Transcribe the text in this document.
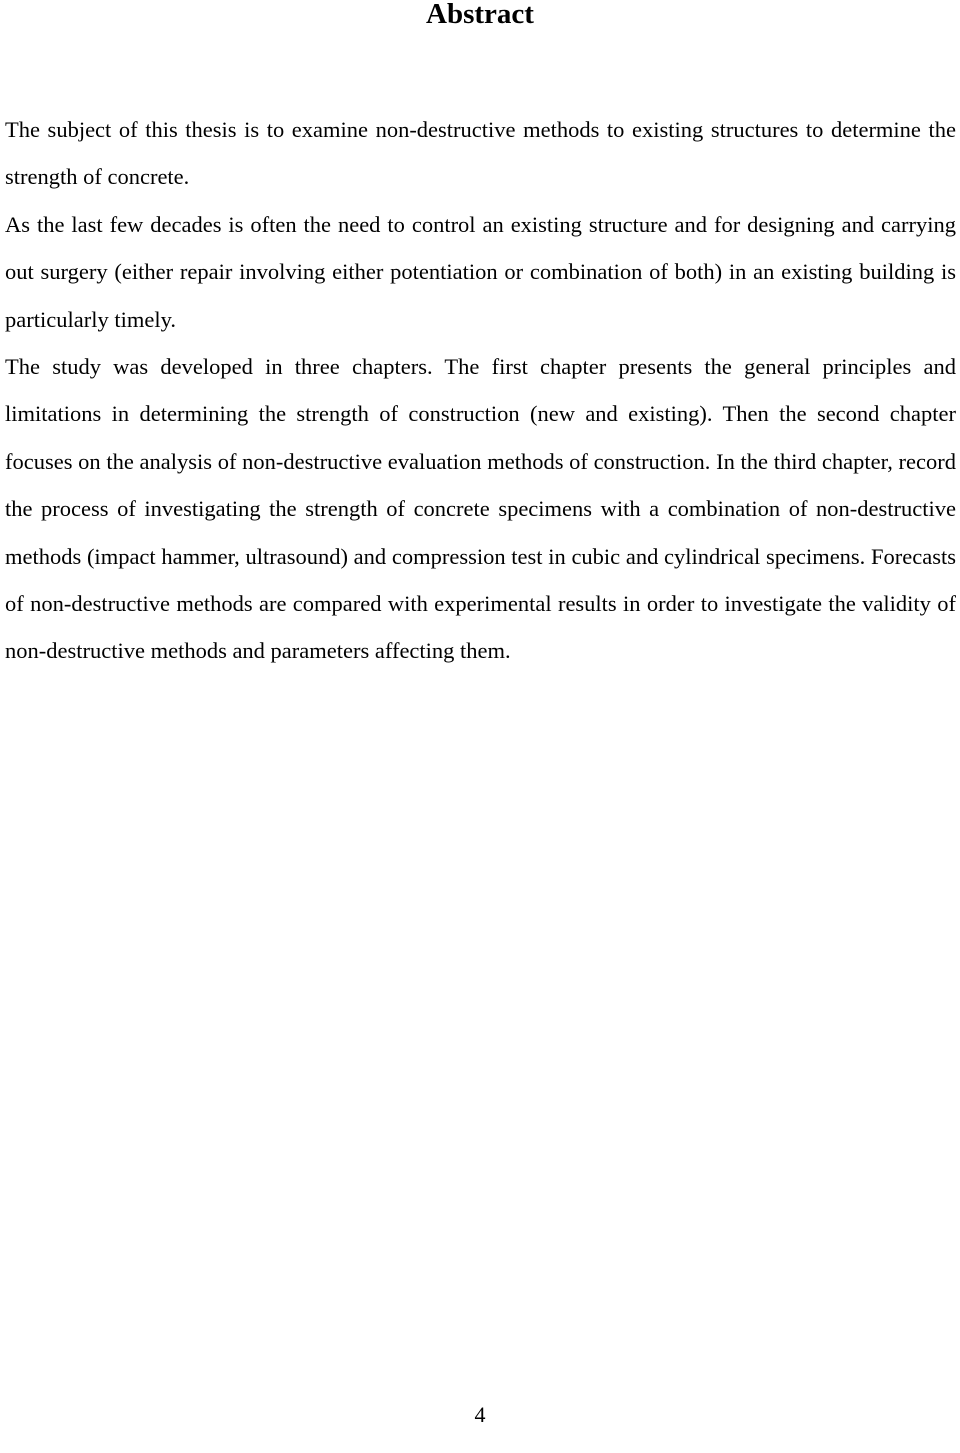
Abstract

The subject of this thesis is to examine non-destructive methods to existing structures to determine the strength of concrete.

As the last few decades is often the need to control an existing structure and for designing and carrying out surgery (either repair involving either potentiation or combination of both) in an existing building is particularly timely.

The study was developed in three chapters. The first chapter presents the general principles and limitations in determining the strength of construction (new and existing). Then the second chapter focuses on the analysis of non-destructive evaluation methods of construction. In the third chapter, record the process of investigating the strength of concrete specimens with a combination of non-destructive methods (impact hammer, ultrasound) and compression test in cubic and cylindrical specimens. Forecasts of non-destructive methods are compared with experimental results in order to investigate the validity of non-destructive methods and parameters affecting them.

4
